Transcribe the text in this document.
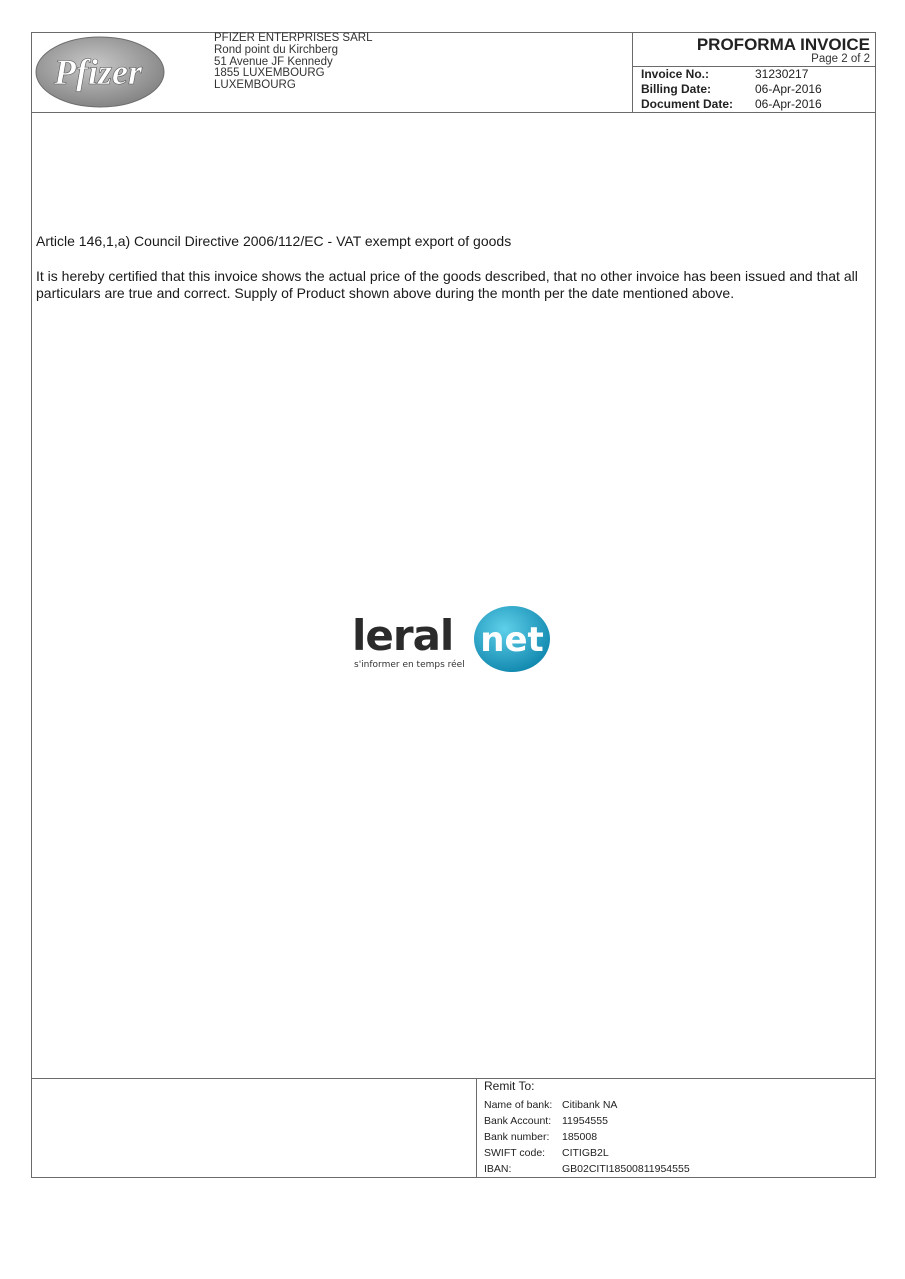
Pfizer
PFIZER ENTERPRISES SARL
Rond point du Kirchberg
51 Avenue JF Kennedy
1855 LUXEMBOURG
LUXEMBOURG
PROFORMA INVOICE
Page 2 of 2
Invoice No.:	31230217
Billing Date:	06-Apr-2016
Document Date: 06-Apr-2016
Article 146,1,a) Council Directive 2006/112/EC - VAT exempt export of goods
It is hereby certified that this invoice shows the actual price of the goods described, that no other invoice has been issued and that all particulars are true and correct. Supply of Product shown above during the month per the date mentioned above.
leral net
s'informer en temps réel
Remit To:
Name of bank: Citibank NA
Bank Account: 11954555
Bank number: 185008
SWIFT code: CITIGB2L
IBAN:	GB02CITI18500811954555
